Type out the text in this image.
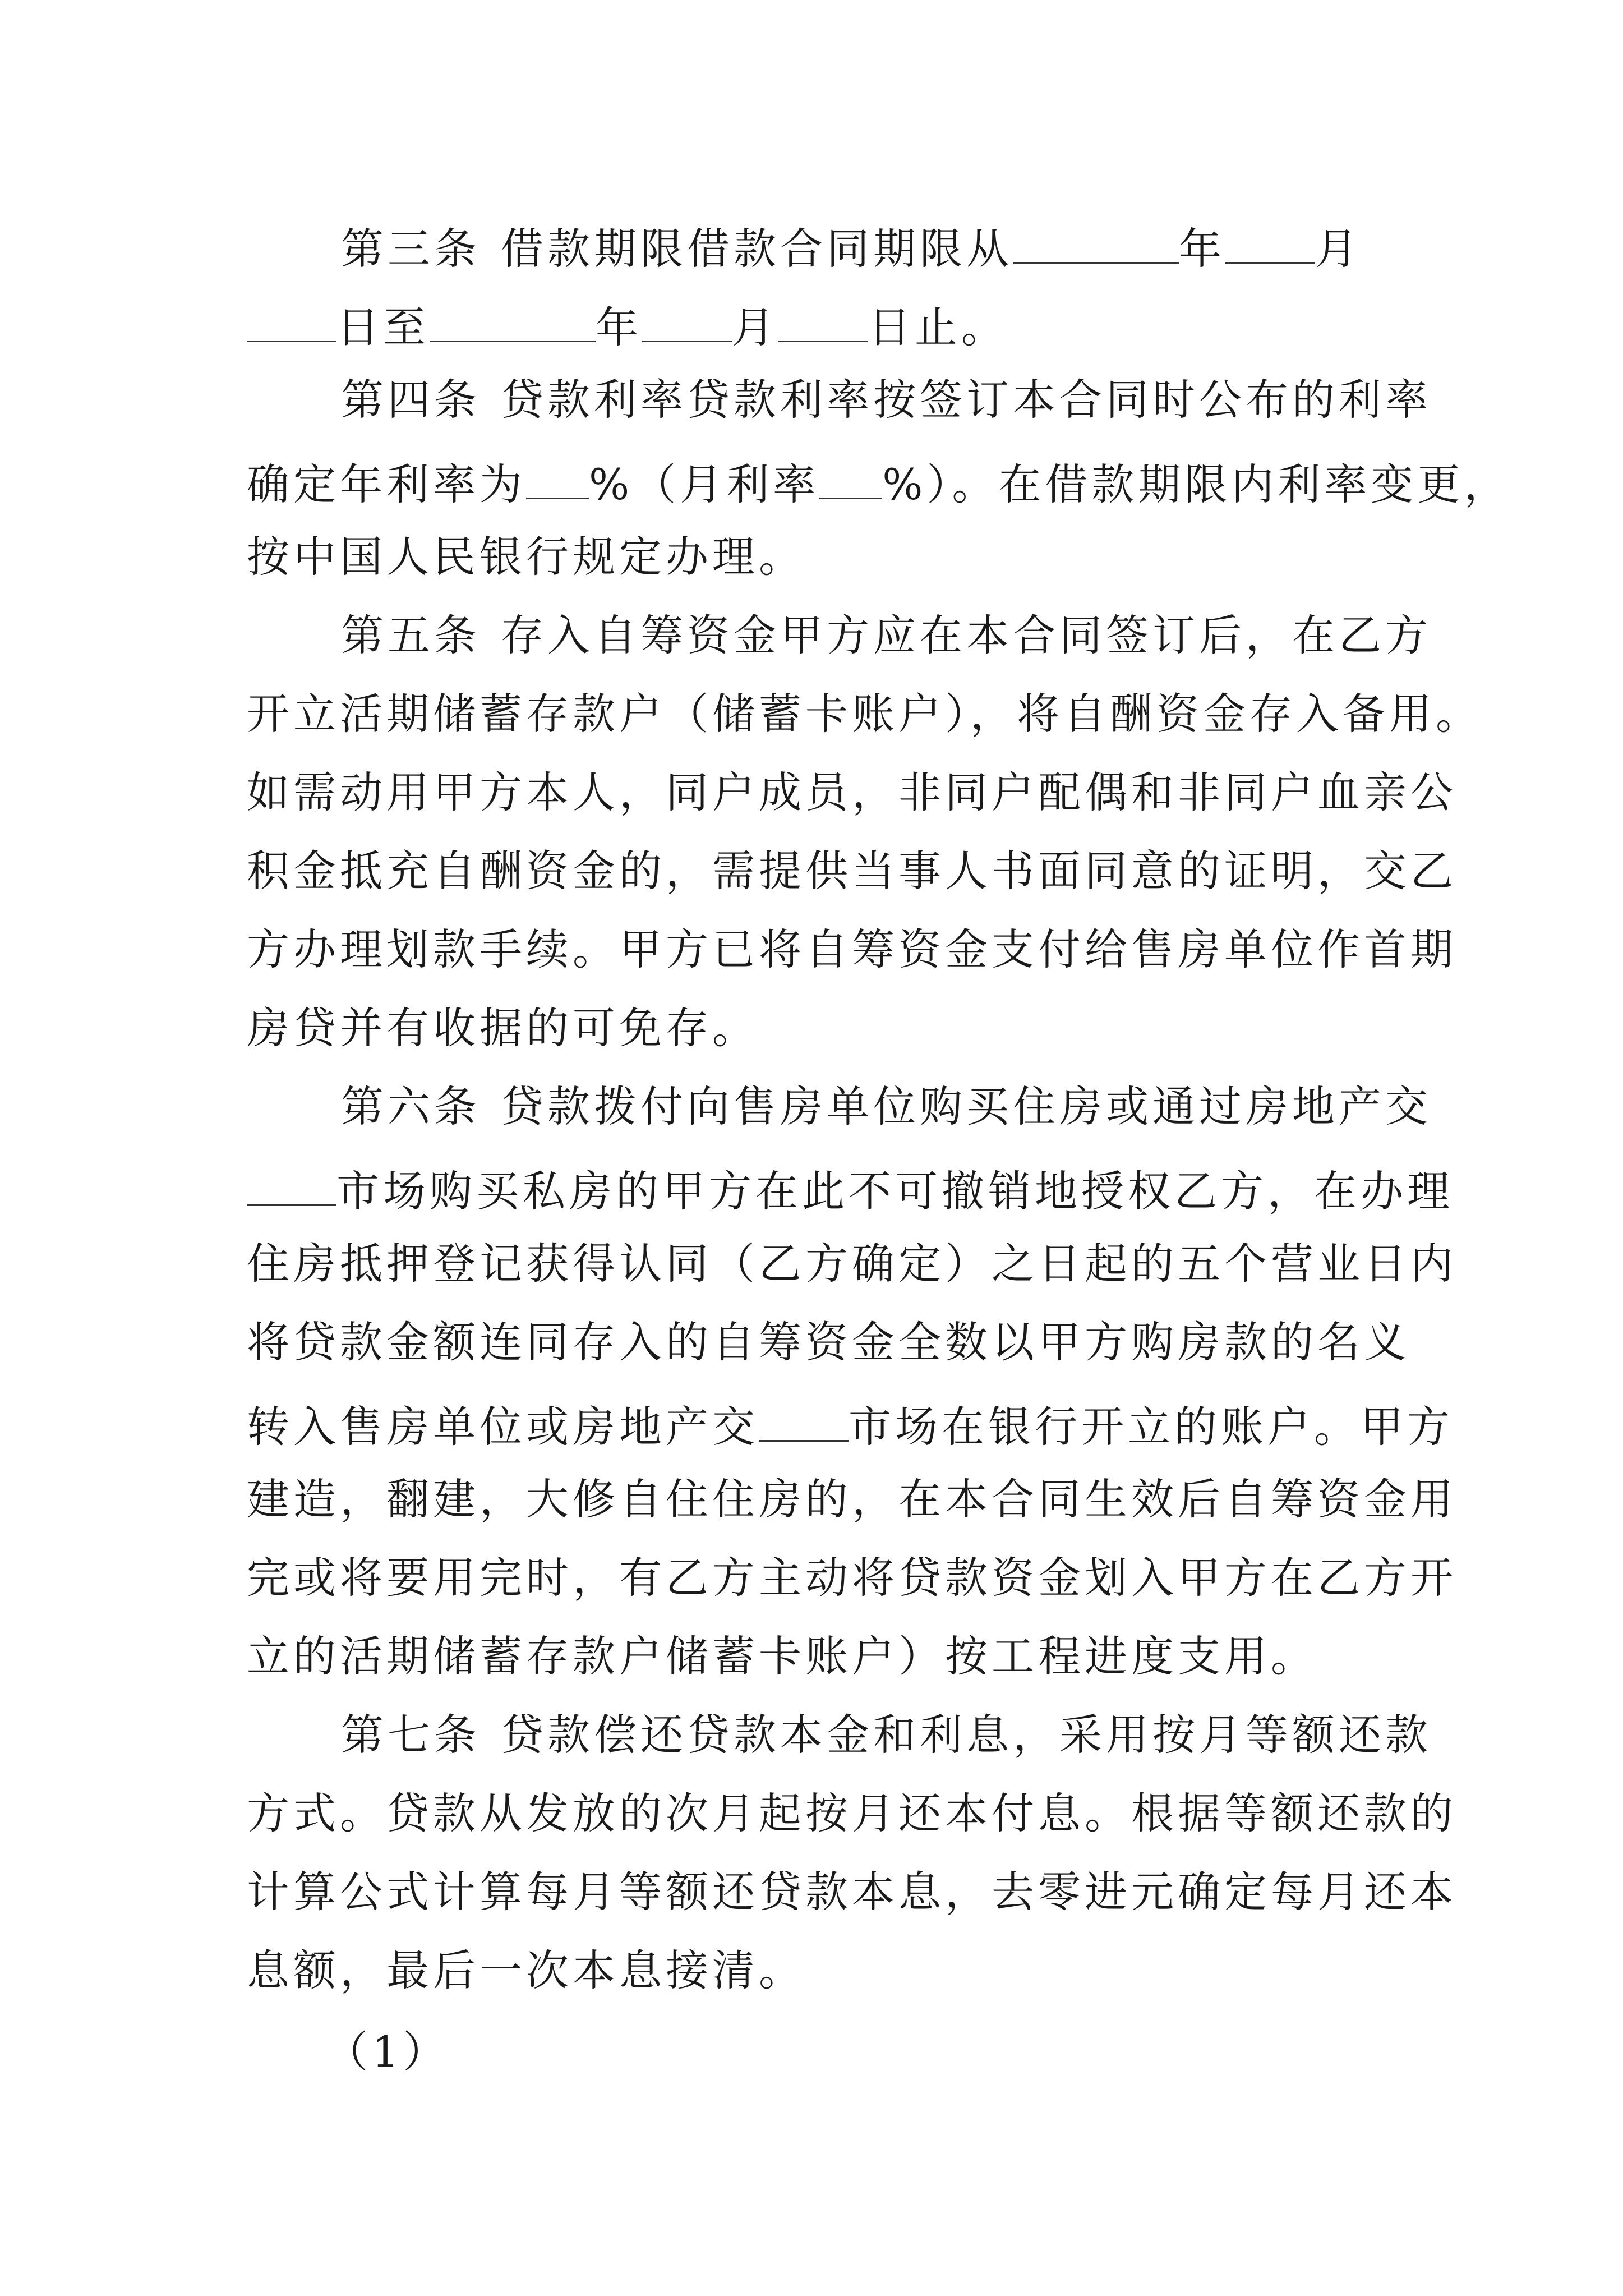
第三条 借款期限借款合同期限从	年 月
日至	年 月 日止。
第四条 贷款利率贷款利率按签订本合同时公布的利率
确定年利率为 %（月利率 %）。在借款期限内利率变更，
按中国人民银行规定办理。
第五条 存入自筹资金甲方应在本合同签订后，在乙方
开立活期储蓄存款户（储蓄卡账户），将自酬资金存入备用。
如需动用甲方本人，同户成员，非同户配偶和非同户血亲公
积金抵充自酬资金的，需提供当事人书面同意的证明，交乙
方办理划款手续。甲方已将自筹资金支付给售房单位作首期
房贷并有收据的可免存。
第六条 贷款拨付向售房单位购买住房或通过房地产交
市场购买私房的甲方在此不可撤销地授权乙方，在办理
住房抵押登记获得认同（乙方确定）之日起的五个营业日内
将贷款金额连同存入的自筹资金全数以甲方购房款的名义
转入售房单位或房地产交 市场在银行开立的账户。甲方
建造，翻建，大修自住住房的，在本合同生效后自筹资金用
完或将要用完时，有乙方主动将贷款资金划入甲方在乙方开
立的活期储蓄存款户储蓄卡账户）按工程进度支用。
第七条 贷款偿还贷款本金和利息，采用按月等额还款
方式。贷款从发放的次月起按月还本付息。根据等额还款的
计算公式计算每月等额还贷款本息，去零进元确定每月还本
息额，最后一次本息接清。
（1）
